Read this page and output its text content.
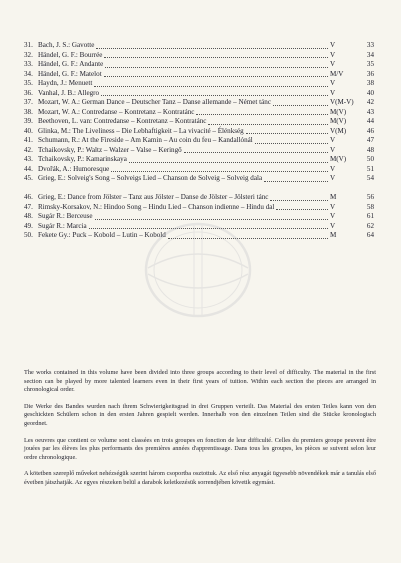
31. Bach, J. S.: Gavotte	V	33
32. Händel, G. F.: Bourrée	V	34
33. Händel, G. F.: Andante	V	35
34. Händel, G. F.: Matelot	M/V	36
35. Haydn, J.: Menuett	V	38
36. Vanhal, J. B.: Allegro	V	40
37. Mozart, W. A.: German Dance – Deutscher Tanz – Danse allemande – Német tánc	V(M-V)	42
38. Mozart, W. A.: Contredanse – Kontretanz – Kontratánc	M(V)	43
39. Beethoven, L. van: Contredanse – Kontretanz – Kontratánc	M(V)	44
40. Glinka, M.: The Liveliness – Die Lebhaftigkeit – La vivacité – Élénkség	V(M)	46
41. Schumann, R.: At the Fireside – Am Kamin – Au coin du feu – Kandallónál	V	47
42. Tchaikovsky, P.: Waltz – Walzer – Valse – Keringő	V	48
43. Tchaikovsky, P.: Kamarinskaya	M(V)	50
44. Dvořák, A.: Humoresque	V	51
45. Grieg, E.: Solveig's Song – Solveigs Lied – Chanson de Solveig – Solveig dala	V	54
46. Grieg, E.: Dance from Jölster – Tanz aus Jölster – Danse de Jölster – Jölsteri tánc	M	56
47. Rimsky-Korsakov, N.: Hindoo Song – Hindu Lied – Chanson indienne – Hindu dal	V	58
48. Sugár R.: Berceuse	V	61
49. Sugár R.: Marcia	V	62
50. Fekete Gy.: Puck – Kobold – Lutin – Kobold	M	64

The works contained in this volume have been divided into three groups according to their level of difficulty. The material in the first section can be played by more talented learners even in their first years of tuition. Within each section the pieces are arranged in chronological order.

Die Werke des Bandes wurden nach ihrem Schwierigkeitsgrad in drei Gruppen verteilt. Das Material des ersten Teiles kann von den geschickten Schülern schon in den ersten Jahren gespielt werden. Innerhalb von den einzelnen Teilen sind die Stücke kronologisch geordnet.

Les oeuvres que contient ce volume sont classées en trois groupes en fonction de leur difficulté. Celles du premiers groupe peuvent être jouées par les élèves les plus performants des premières années d'apprentissage. Dans tous les groupes, les pièces se suivent selon leur ordre chronologique.

A kötetben szereplő műveket nehézségük szerint három csoportba osztottuk. Az első rész anyagát ügyesebb növendékek már a tanulás első éveiben játszhatják. Az egyes részeken belül a darabok keletkezésük sorrendjében követik egymást.
